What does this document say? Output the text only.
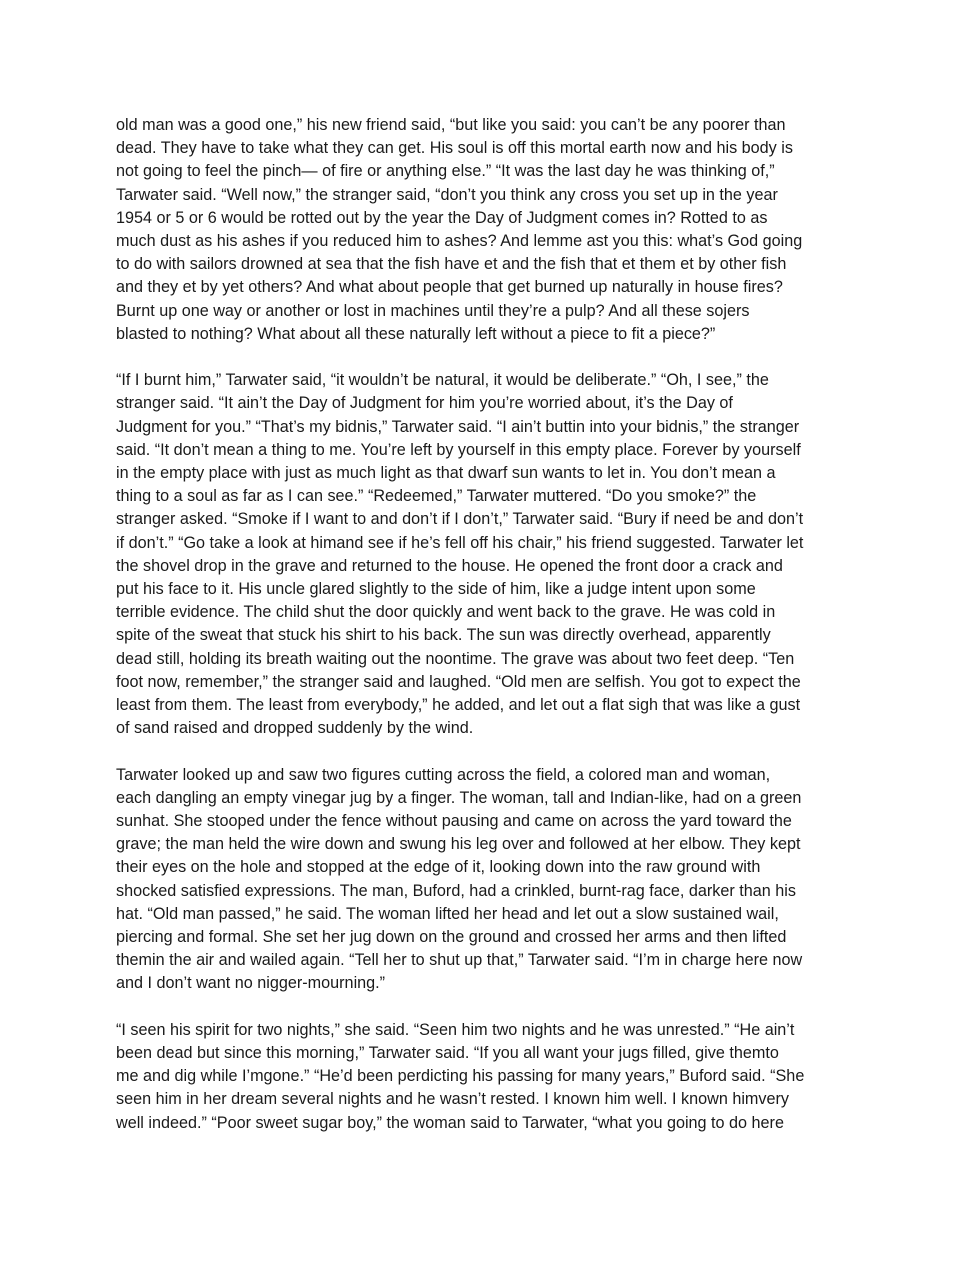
old man was a good one,” his new friend said, “but like you said: you can’t be any poorer than
dead. They have to take what they can get. His soul is off this mortal earth now and his body is
not going to feel the pinch— of fire or anything else.” “It was the last day he was thinking of,”
Tarwater said. “Well now,” the stranger said, “don’t you think any cross you set up in the year
1954 or 5 or 6 would be rotted out by the year the Day of Judgment comes in? Rotted to as
much dust as his ashes if you reduced him to ashes? And lemme ast you this: what’s God going
to do with sailors drowned at sea that the fish have et and the fish that et them et by other fish
and they et by yet others? And what about people that get burned up naturally in house fires?
Burnt up one way or another or lost in machines until they’re a pulp? And all these sojers
blasted to nothing? What about all these naturally left without a piece to fit a piece?”

“If I burnt him,” Tarwater said, “it wouldn’t be natural, it would be deliberate.” “Oh, I see,” the
stranger said. “It ain’t the Day of Judgment for him you’re worried about, it’s the Day of
Judgment for you.” “That’s my bidnis,” Tarwater said. “I ain’t buttin into your bidnis,” the stranger
said. “It don’t mean a thing to me. You’re left by yourself in this empty place. Forever by yourself
in the empty place with just as much light as that dwarf sun wants to let in. You don’t mean a
thing to a soul as far as I can see.” “Redeemed,” Tarwater muttered. “Do you smoke?” the
stranger asked. “Smoke if I want to and don’t if I don’t,” Tarwater said. “Bury if need be and don’t
if don’t.” “Go take a look at himand see if he’s fell off his chair,” his friend suggested. Tarwater let
the shovel drop in the grave and returned to the house. He opened the front door a crack and
put his face to it. His uncle glared slightly to the side of him, like a judge intent upon some
terrible evidence. The child shut the door quickly and went back to the grave. He was cold in
spite of the sweat that stuck his shirt to his back. The sun was directly overhead, apparently
dead still, holding its breath waiting out the noontime. The grave was about two feet deep. “Ten
foot now, remember,” the stranger said and laughed. “Old men are selfish. You got to expect the
least from them. The least from everybody,” he added, and let out a flat sigh that was like a gust
of sand raised and dropped suddenly by the wind.

Tarwater looked up and saw two figures cutting across the field, a colored man and woman,
each dangling an empty vinegar jug by a finger. The woman, tall and Indian-like, had on a green
sunhat. She stooped under the fence without pausing and came on across the yard toward the
grave; the man held the wire down and swung his leg over and followed at her elbow. They kept
their eyes on the hole and stopped at the edge of it, looking down into the raw ground with
shocked satisfied expressions. The man, Buford, had a crinkled, burnt-rag face, darker than his
hat. “Old man passed,” he said. The woman lifted her head and let out a slow sustained wail,
piercing and formal. She set her jug down on the ground and crossed her arms and then lifted
themin the air and wailed again. “Tell her to shut up that,” Tarwater said. “I’m in charge here now
and I don’t want no nigger-mourning.”

“I seen his spirit for two nights,” she said. “Seen him two nights and he was unrested.” “He ain’t
been dead but since this morning,” Tarwater said. “If you all want your jugs filled, give themto
me and dig while I’mgone.” “He’d been perdicting his passing for many years,” Buford said. “She
seen him in her dream several nights and he wasn’t rested. I known him well. I known himvery
well indeed.” “Poor sweet sugar boy,” the woman said to Tarwater, “what you going to do here
